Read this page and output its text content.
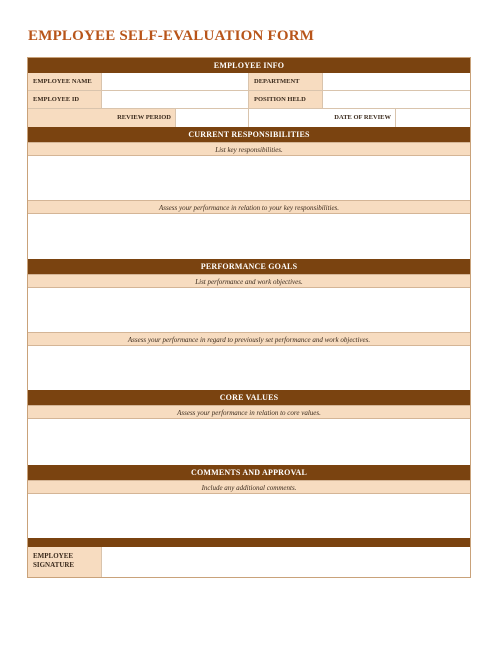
EMPLOYEE SELF-EVALUATION FORM
EMPLOYEE INFO
EMPLOYEE NAME	DEPARTMENT
EMPLOYEE ID	POSITION HELD
REVIEW PERIOD	DATE OF REVIEW
CURRENT RESPONSIBILITIES
List key responsibilities.
Assess your performance in relation to your key responsibilities.
PERFORMANCE GOALS
List performance and work objectives.
Assess your performance in regard to previously set performance and work objectives.
CORE VALUES
Assess your performance in relation to core values.
COMMENTS AND APPROVAL
Include any additional comments.
EMPLOYEE
SIGNATURE
